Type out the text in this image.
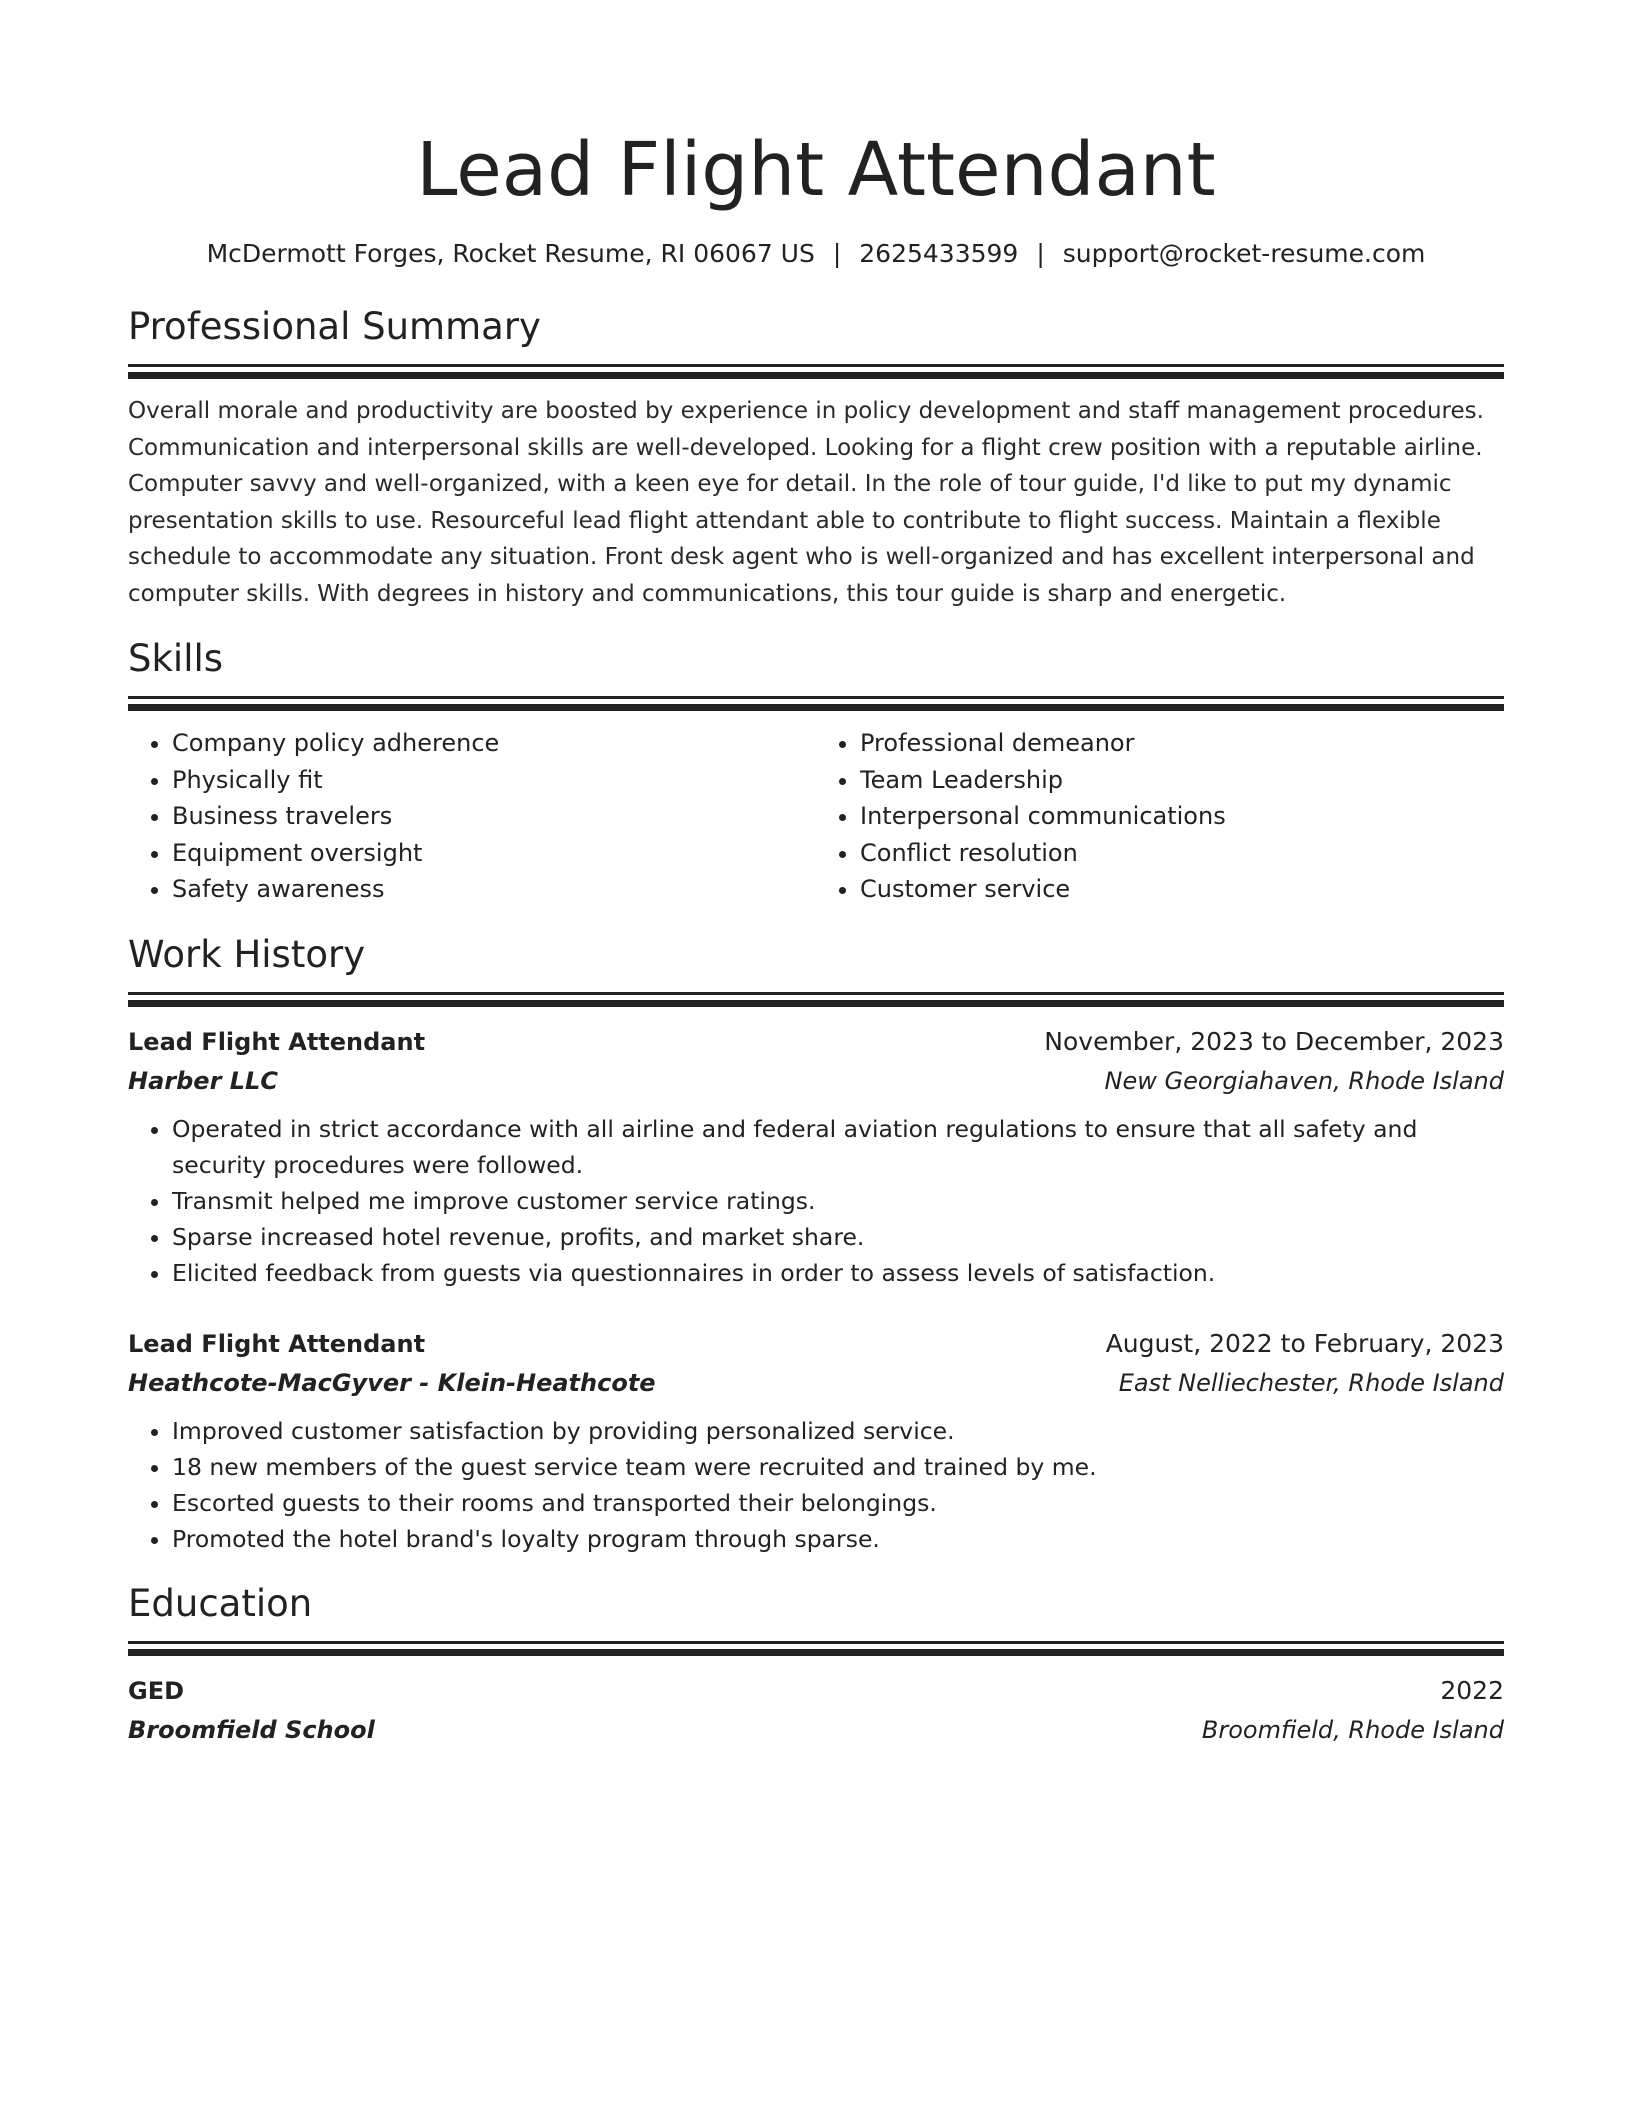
Lead Flight Attendant
McDermott Forges, Rocket Resume, RI 06067 US | 2625433599 | support@rocket-resume.com
Professional Summary
Overall morale and productivity are boosted by experience in policy development and staff management procedures. Communication and interpersonal skills are well-developed. Looking for a flight crew position with a reputable airline. Computer savvy and well-organized, with a keen eye for detail. In the role of tour guide, I'd like to put my dynamic presentation skills to use. Resourceful lead flight attendant able to contribute to flight success. Maintain a flexible schedule to accommodate any situation. Front desk agent who is well-organized and has excellent interpersonal and computer skills. With degrees in history and communications, this tour guide is sharp and energetic.
Skills
• Company policy adherence
• Physically fit
• Business travelers
• Equipment oversight
• Safety awareness
• Professional demeanor
• Team Leadership
• Interpersonal communications
• Conflict resolution
• Customer service
Work History
Lead Flight Attendant	November, 2023 to December, 2023
Harber LLC	New Georgiahaven, Rhode Island
• Operated in strict accordance with all airline and federal aviation regulations to ensure that all safety and security procedures were followed.
• Transmit helped me improve customer service ratings.
• Sparse increased hotel revenue, profits, and market share.
• Elicited feedback from guests via questionnaires in order to assess levels of satisfaction.
Lead Flight Attendant	August, 2022 to February, 2023
Heathcote-MacGyver - Klein-Heathcote	East Nelliechester, Rhode Island
• Improved customer satisfaction by providing personalized service.
• 18 new members of the guest service team were recruited and trained by me.
• Escorted guests to their rooms and transported their belongings.
• Promoted the hotel brand's loyalty program through sparse.
Education
GED	2022
Broomfield School	Broomfield, Rhode Island
